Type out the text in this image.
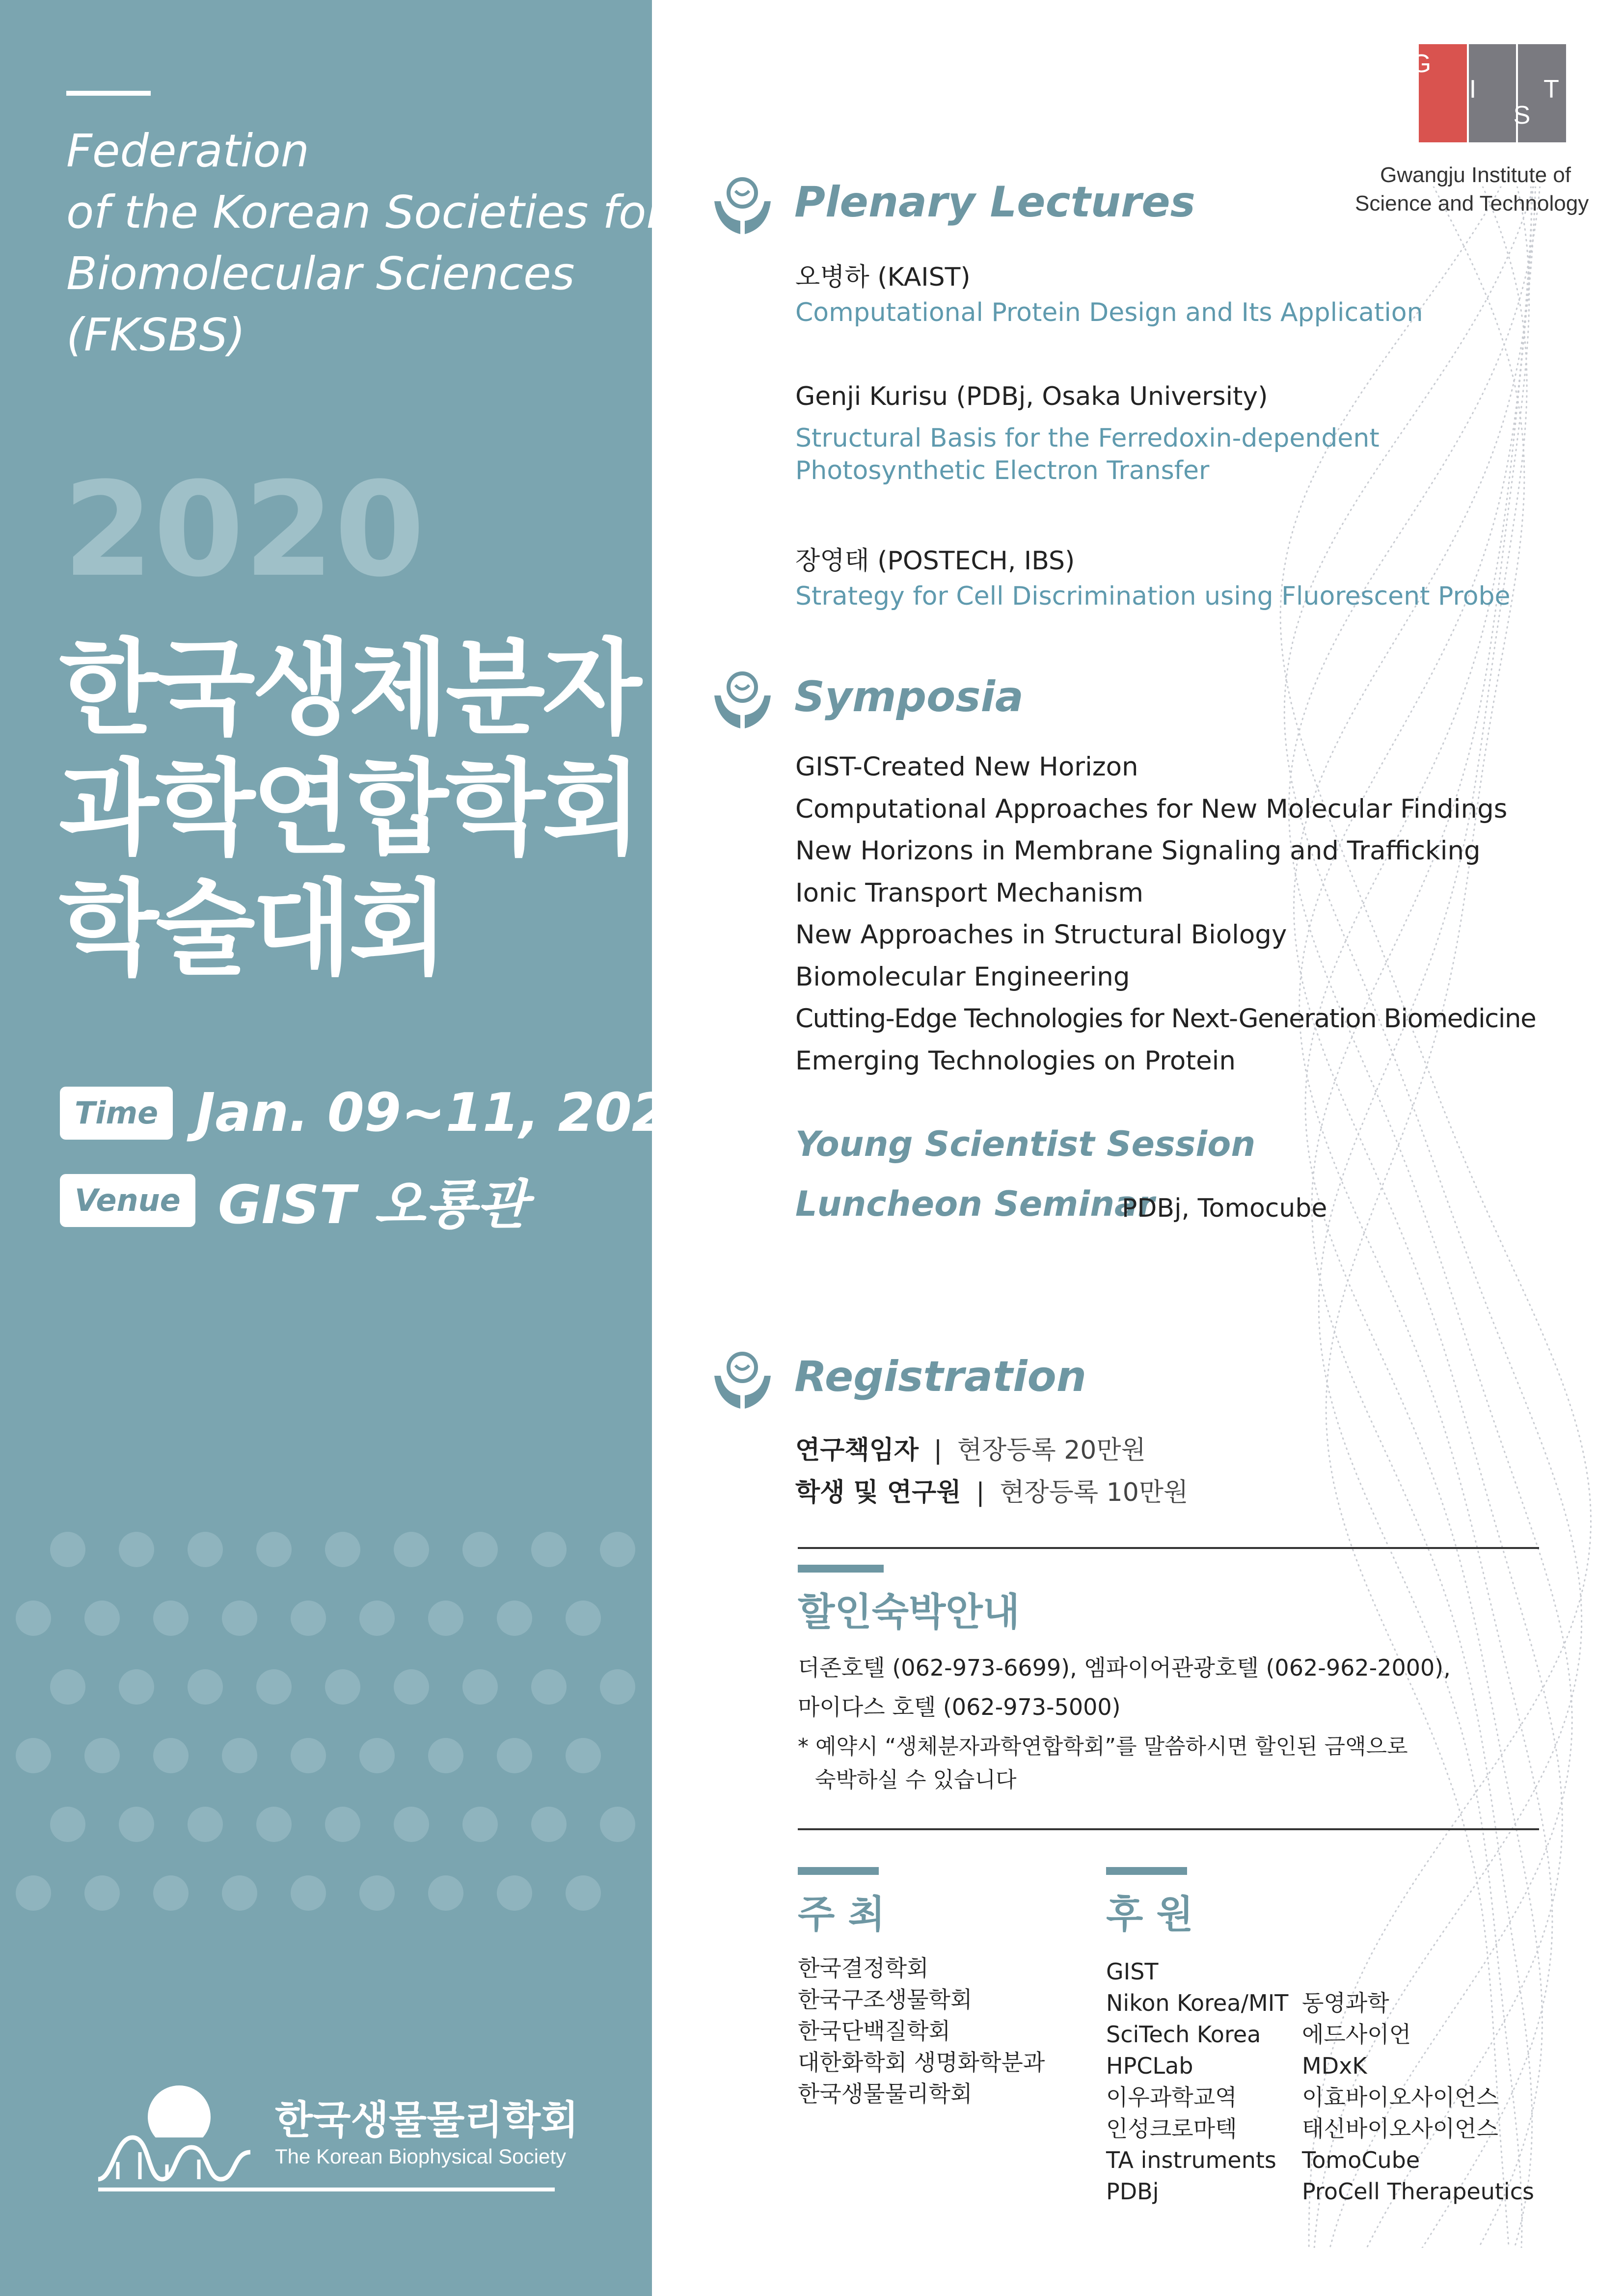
Federation
of the Korean Societies for
Biomolecular Sciences
(FKSBS)
2020
한국생체분자
과학연합학회
학술대회
Time Jan. 09~11, 2020
Venue GIST 오룡관
한국생물물리학회
The Korean Biophysical Society
G
I
S
T
Gwangju Institute of
Science and Technology
Plenary Lectures
오병하 (KAIST)
Computational Protein Design and Its Application
Genji Kurisu (PDBj, Osaka University)
Structural Basis for the Ferredoxin-dependent
Photosynthetic Electron Transfer
장영태 (POSTECH, IBS)
Strategy for Cell Discrimination using Fluorescent Probe
Symposia
GIST-Created New Horizon
Computational Approaches for New Molecular Findings
New Horizons in Membrane Signaling and Trafficking
Ionic Transport Mechanism
New Approaches in Structural Biology
Biomolecular Engineering
Cutting-Edge Technologies for Next-Generation Biomedicine
Emerging Technologies on Protein
Young Scientist Session
Luncheon Seminar
PDBj, Tomocube
Registration
연구책임자 | 현장등록 20만원
학생 및 연구원 | 현장등록 10만원
할인숙박안내
더존호텔 (062-973-6699), 엠파이어관광호텔 (062-962-2000),
마이다스 호텔 (062-973-5000)
* 예약시 “생체분자과학연합학회”를 말씀하시면 할인된 금액으로
숙박하실 수 있습니다
주 최
한국결정학회
한국구조생물학회
한국단백질학회
대한화학회 생명화학분과
한국생물물리학회
후 원
GIST
Nikon Korea/MIT
SciTech Korea
HPCLab
이우과학교역
인성크로마텍
TA instruments
PDBj
동영과학
에드사이언
MDxK
이효바이오사이언스
태신바이오사이언스
TomoCube
ProCell Therapeutics
